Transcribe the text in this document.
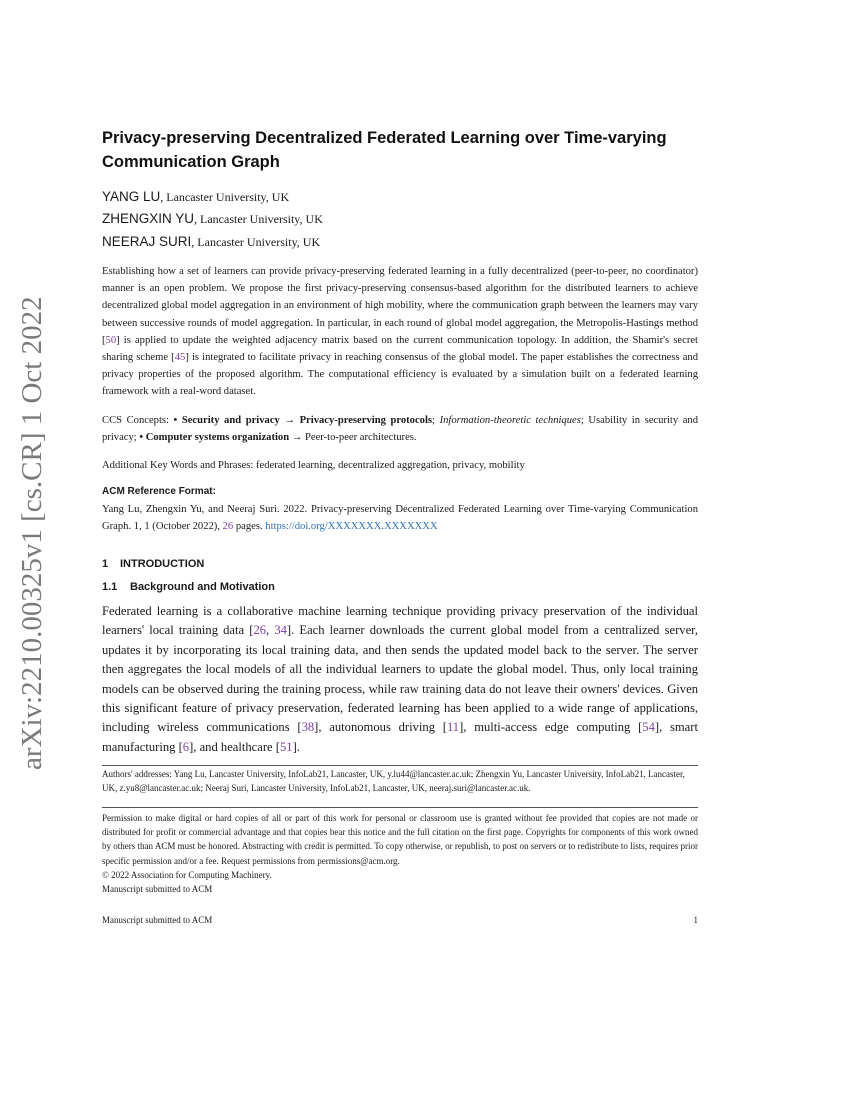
arXiv:2210.00325v1 [cs.CR] 1 Oct 2022
Privacy-preserving Decentralized Federated Learning over Time-varying Communication Graph
YANG LU, Lancaster University, UK
ZHENGXIN YU, Lancaster University, UK
NEERAJ SURI, Lancaster University, UK
Establishing how a set of learners can provide privacy-preserving federated learning in a fully decentralized (peer-to-peer, no coordinator) manner is an open problem. We propose the first privacy-preserving consensus-based algorithm for the distributed learners to achieve decentralized global model aggregation in an environment of high mobility, where the communication graph between the learners may vary between successive rounds of model aggregation. In particular, in each round of global model aggregation, the Metropolis-Hastings method [50] is applied to update the weighted adjacency matrix based on the current communication topology. In addition, the Shamir's secret sharing scheme [45] is integrated to facilitate privacy in reaching consensus of the global model. The paper establishes the correctness and privacy properties of the proposed algorithm. The computational efficiency is evaluated by a simulation built on a federated learning framework with a real-word dataset.
CCS Concepts: • Security and privacy → Privacy-preserving protocols; Information-theoretic techniques; Usability in security and privacy; • Computer systems organization → Peer-to-peer architectures.
Additional Key Words and Phrases: federated learning, decentralized aggregation, privacy, mobility
ACM Reference Format:
Yang Lu, Zhengxin Yu, and Neeraj Suri. 2022. Privacy-preserving Decentralized Federated Learning over Time-varying Communication Graph. 1, 1 (October 2022), 26 pages. https://doi.org/XXXXXXX.XXXXXXX
1 INTRODUCTION
1.1 Background and Motivation
Federated learning is a collaborative machine learning technique providing privacy preservation of the individual learners' local training data [26, 34]. Each learner downloads the current global model from a centralized server, updates it by incorporating its local training data, and then sends the updated model back to the server. The server then aggregates the local models of all the individual learners to update the global model. Thus, only local training models can be observed during the training process, while raw training data do not leave their owners' devices. Given this significant feature of privacy preservation, federated learning has been applied to a wide range of applications, including wireless communications [38], autonomous driving [11], multi-access edge computing [54], smart manufacturing [6], and healthcare [51].
Authors' addresses: Yang Lu, Lancaster University, InfoLab21, Lancaster, UK, y.lu44@lancaster.ac.uk; Zhengxin Yu, Lancaster University, InfoLab21, Lancaster, UK, z.yu8@lancaster.ac.uk; Neeraj Suri, Lancaster University, InfoLab21, Lancaster, UK, neeraj.suri@lancaster.ac.uk.
Permission to make digital or hard copies of all or part of this work for personal or classroom use is granted without fee provided that copies are not made or distributed for profit or commercial advantage and that copies bear this notice and the full citation on the first page. Copyrights for components of this work owned by others than ACM must be honored. Abstracting with credit is permitted. To copy otherwise, or republish, to post on servers or to redistribute to lists, requires prior specific permission and/or a fee. Request permissions from permissions@acm.org.
© 2022 Association for Computing Machinery.
Manuscript submitted to ACM
Manuscript submitted to ACM	1
